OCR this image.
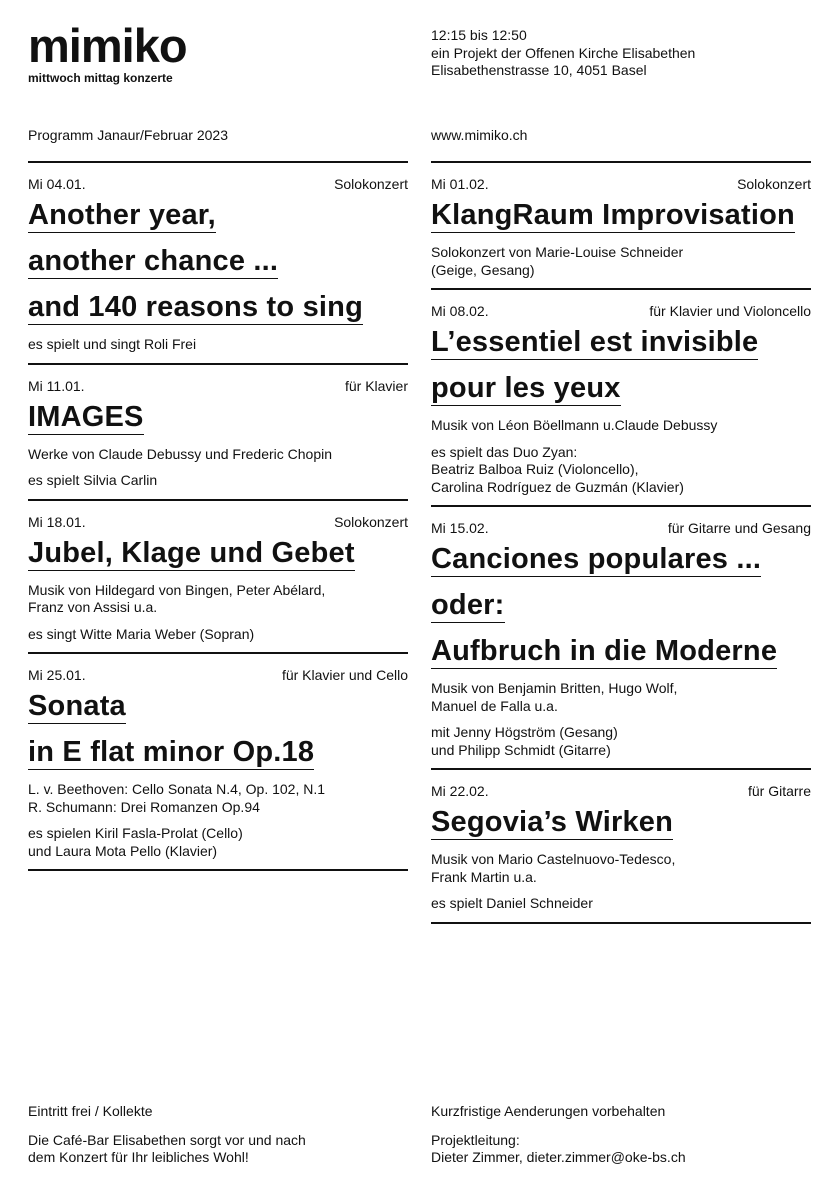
mimiko
mittwoch mittag konzerte
12:15 bis 12:50
ein Projekt der Offenen Kirche Elisabethen
Elisabethenstrasse 10, 4051 Basel
Programm Janaur/Februar 2023	www.mimiko.ch
Mi 04.01.	Solokonzert
Another year,
another chance ...
and 140 reasons to sing
es spielt und singt Roli Frei
Mi 11.01.	für Klavier
IMAGES
Werke von Claude Debussy und Frederic Chopin
es spielt Silvia Carlin
Mi 18.01.	Solokonzert
Jubel, Klage und Gebet
Musik von Hildegard von Bingen, Peter Abélard,
Franz von Assisi u.a.
es singt Witte Maria Weber (Sopran)
Mi 25.01.	für Klavier und Cello
Sonata
in E flat minor Op.18
L. v. Beethoven: Cello Sonata N.4, Op. 102, N.1
R. Schumann: Drei Romanzen Op.94
es spielen Kiril Fasla-Prolat (Cello)
und Laura Mota Pello (Klavier)
Mi 01.02.	Solokonzert
KlangRaum Improvisation
Solokonzert von Marie-Louise Schneider
(Geige, Gesang)
Mi 08.02.	für Klavier und Violoncello
L’essentiel est invisible
pour les yeux
Musik von Léon Böellmann u.Claude Debussy
es spielt das Duo Zyan:
Beatriz Balboa Ruiz (Violoncello),
Carolina Rodríguez de Guzmán (Klavier)
Mi 15.02.	für Gitarre und Gesang
Canciones populares ...
oder:
Aufbruch in die Moderne
Musik von Benjamin Britten, Hugo Wolf,
Manuel de Falla u.a.
mit Jenny Högström (Gesang)
und Philipp Schmidt (Gitarre)
Mi 22.02.	für Gitarre
Segovia’s Wirken
Musik von Mario Castelnuovo-Tedesco,
Frank Martin u.a.
es spielt Daniel Schneider
Eintritt frei / Kollekte
Die Café-Bar Elisabethen sorgt vor und nach
dem Konzert für Ihr leibliches Wohl!
Kurzfristige Aenderungen vorbehalten
Projektleitung:
Dieter Zimmer, dieter.zimmer@oke-bs.ch
